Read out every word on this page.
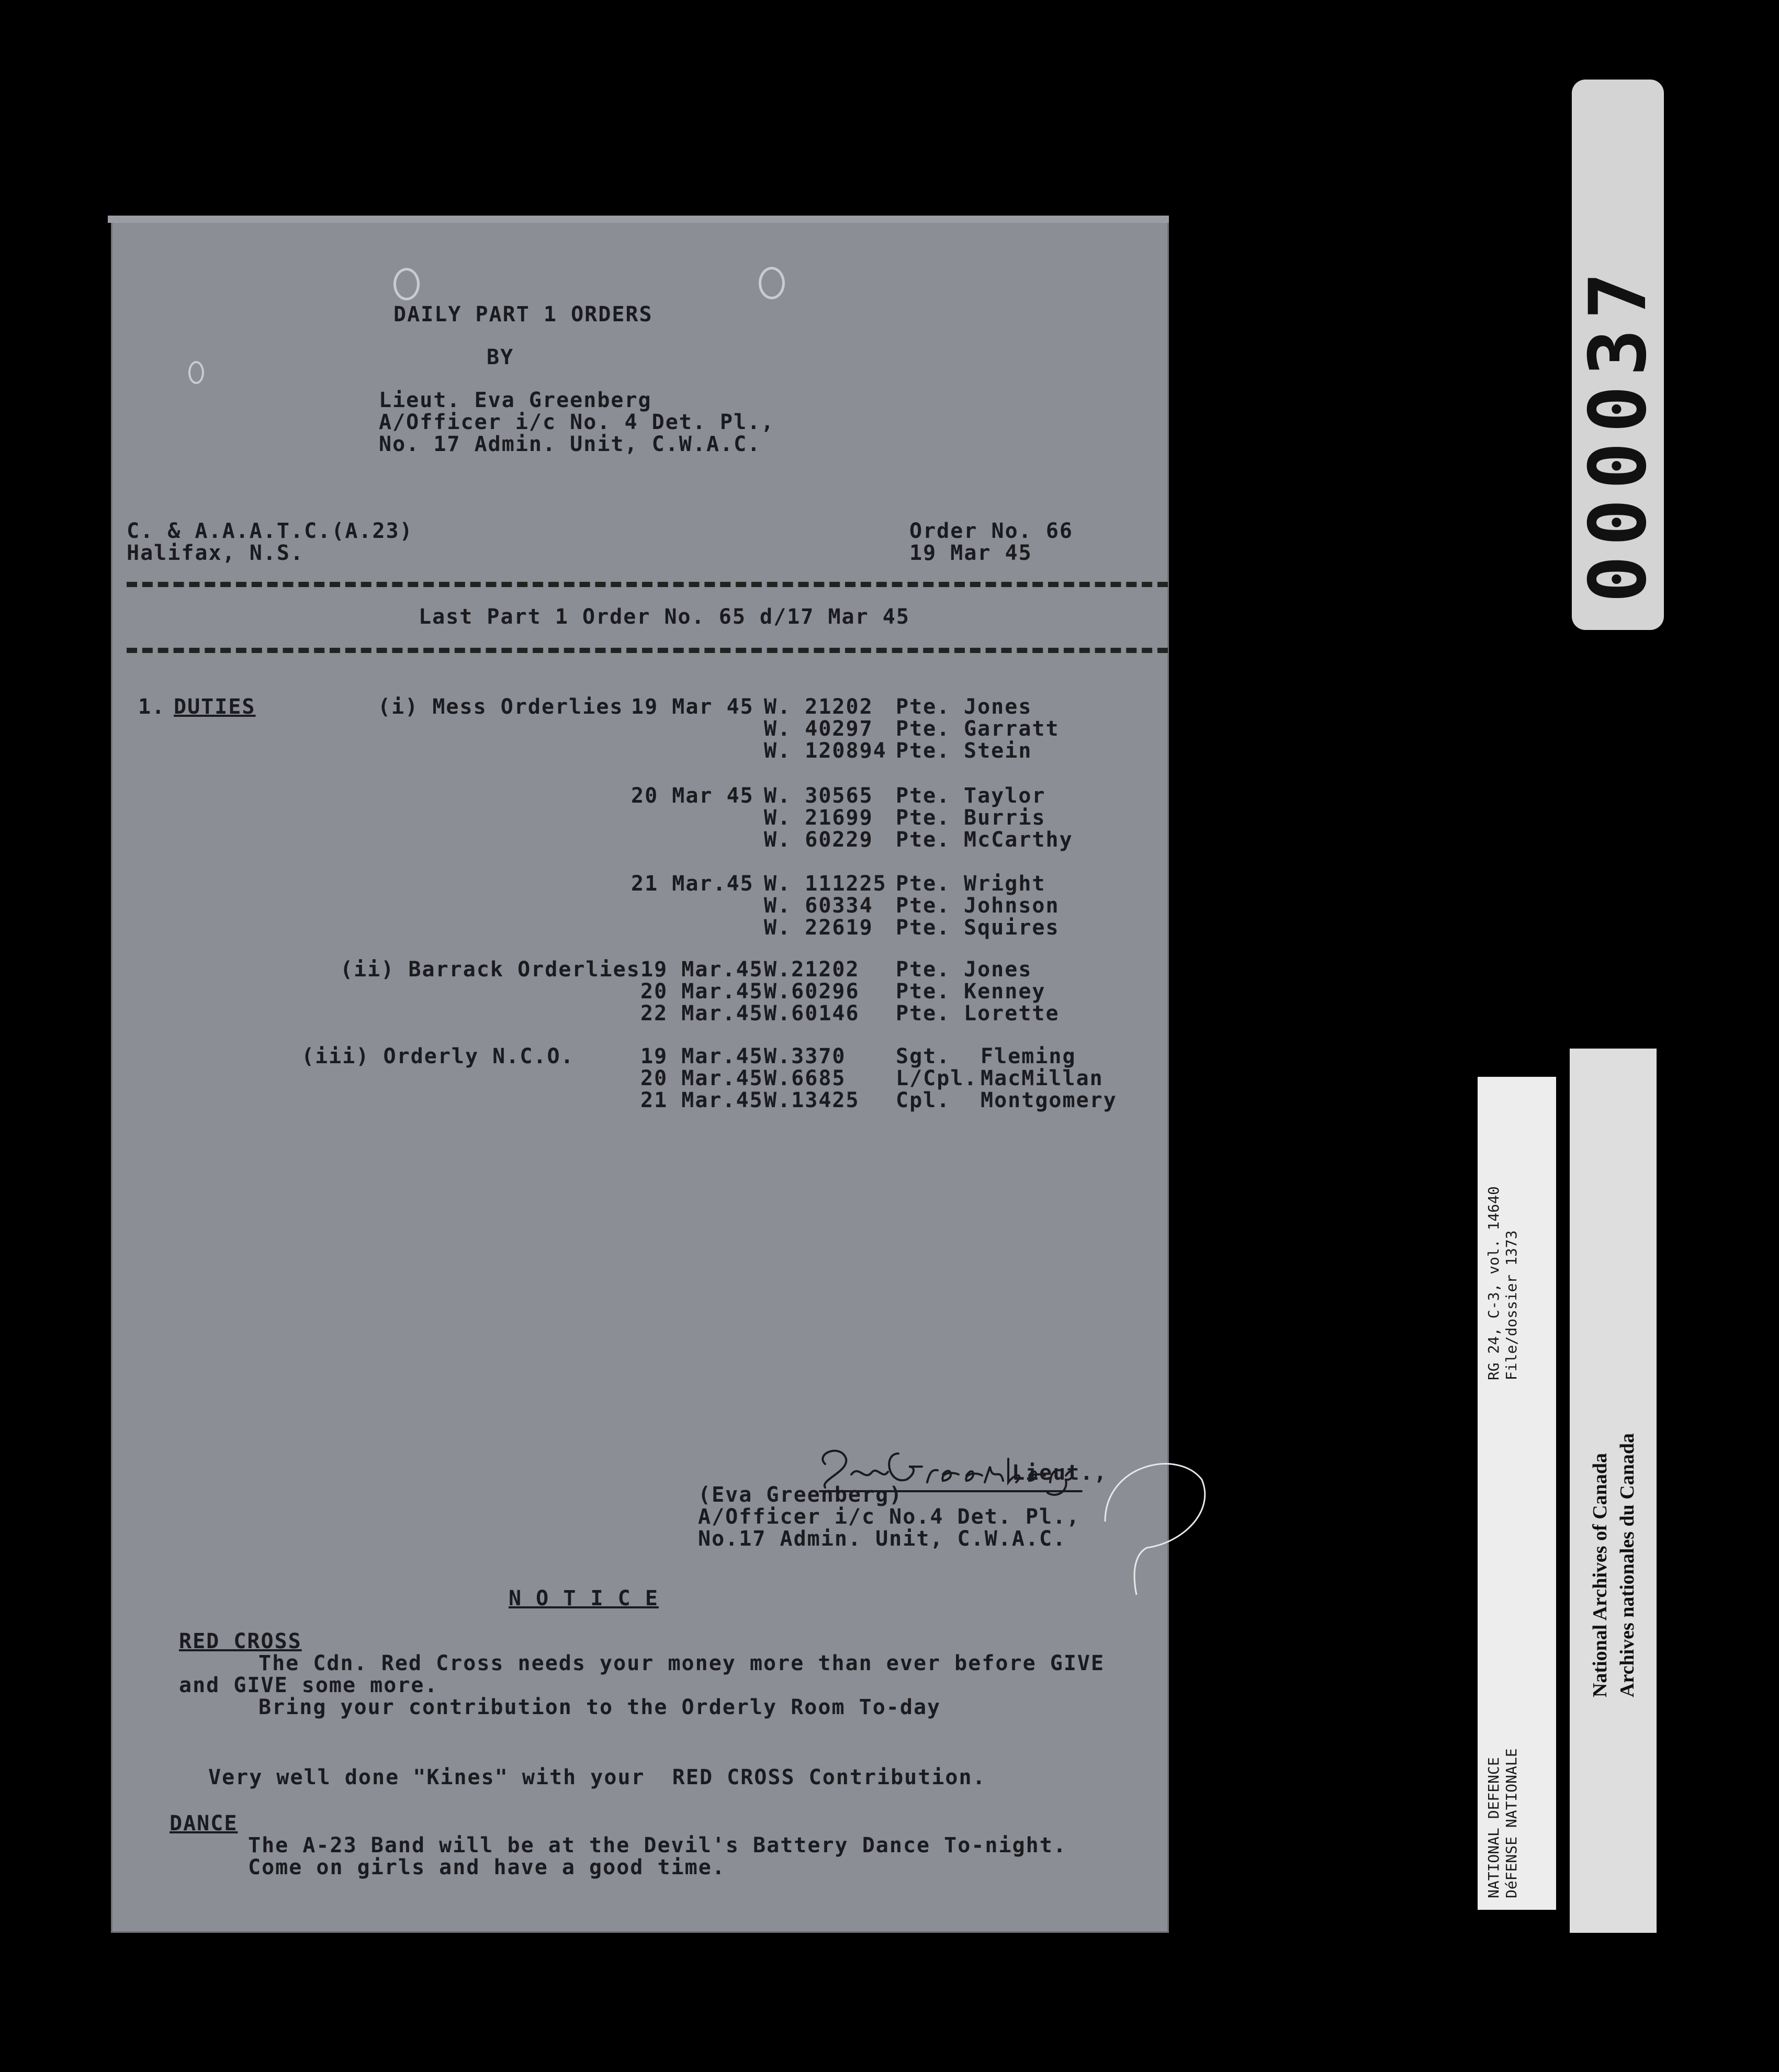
DAILY PART 1 ORDERS
BY
Lieut. Eva Greenberg
A/Officer i/c No. 4 Det. Pl.,
No. 17 Admin. Unit, C.W.A.C.
C. & A.A.A.T.C.(A.23)
Halifax, N.S.
Order No. 66
19 Mar 45
Last Part 1 Order No. 65 d/17 Mar 45
1. DUTIES	(i) Mess Orderlies 19 Mar 45 W. 21202 Pte. Jones
W. 40297 Pte. Garratt
W. 120894 Pte. Stein
20 Mar 45 W. 30565 Pte. Taylor
W. 21699 Pte. Burris
W. 60229 Pte. McCarthy
21 Mar.45 W. 111225 Pte. Wright
W. 60334 Pte. Johnson
W. 22619 Pte. Squires
(ii) Barrack Orderlies 19 Mar.45 W.21202 Pte. Jones
20 Mar.45 W.60296 Pte. Kenney
22 Mar.45 W.60146 Pte. Lorette
(iii) Orderly N.C.O.	19 Mar.45 W.3370 Sgt. Fleming
20 Mar.45 W.6685 L/Cpl. MacMillan
21 Mar.45 W.13425 Cpl. Montgomery
Lieut.,
(Eva Greenberg)
A/Officer i/c No.4 Det. Pl.,
No.17 Admin. Unit, C.W.A.C.
N O T I C E
RED CROSS
The Cdn. Red Cross needs your money more than ever before GIVE
and GIVE some more.
Bring your contribution to the Orderly Room To-day
Very well done "Kines" with your  RED CROSS Contribution.
DANCE
The A-23 Band will be at the Devil's Battery Dance To-night.
Come on girls and have a good time.
000037
RG 24, C-3, vol. 14640 File/dossier 1373
NATIONAL DEFENCE DéFENSE NATIONALE
National Archives of Canada Archives nationales du Canada
